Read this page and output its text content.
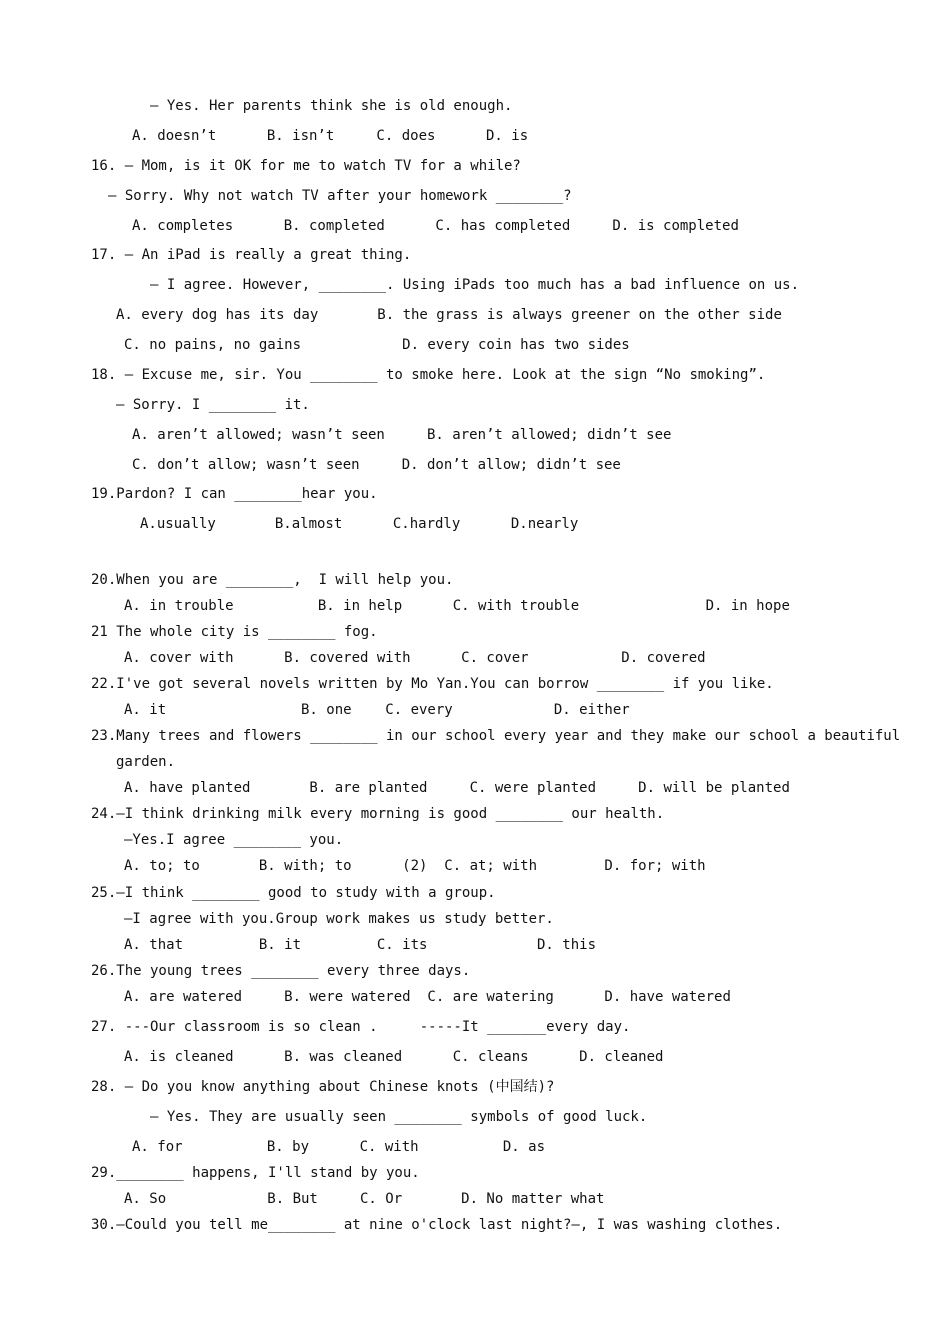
— Yes. Her parents think she is old enough.
A. doesn’t      B. isn’t     C. does      D. is
16. — Mom, is it OK for me to watch TV for a while?
— Sorry. Why not watch TV after your homework ________?
A. completes      B. completed      C. has completed     D. is completed
17. — An iPad is really a great thing.
— I agree. However, ________. Using iPads too much has a bad influence on us.
A. every dog has its day       B. the grass is always greener on the other side
C. no pains, no gains            D. every coin has two sides
18. — Excuse me, sir. You ________ to smoke here. Look at the sign “No smoking”.
— Sorry. I ________ it.
A. aren’t allowed; wasn’t seen     B. aren’t allowed; didn’t see
C. don’t allow; wasn’t seen     D. don’t allow; didn’t see
19.Pardon? I can ________hear you.
A.usually       B.almost      C.hardly      D.nearly
20.When you are ________,  I will help you.
A. in trouble          B. in help      C. with trouble               D. in hope
21 The whole city is ________ fog.
A. cover with      B. covered with      C. cover           D. covered
22.I've got several novels written by Mo Yan.You can borrow ________ if you like.
A. it                B. one    C. every            D. either
23.Many trees and flowers ________ in our school every year and they make our school a beautiful
garden.
A. have planted       B. are planted     C. were planted     D. will be planted
24.—I think drinking milk every morning is good ________ our health.
—Yes.I agree ________ you.
A. to; to       B. with; to      (2)  C. at; with        D. for; with
25.—I think ________ good to study with a group.
—I agree with you.Group work makes us study better.
A. that         B. it         C. its             D. this
26.The young trees ________ every three days.
A. are watered     B. were watered  C. are watering      D. have watered
27. ---Our classroom is so clean .     -----It _______every day.
A. is cleaned      B. was cleaned      C. cleans      D. cleaned
28. — Do you know anything about Chinese knots (中国结)?
— Yes. They are usually seen ________ symbols of good luck.
A. for          B. by      C. with          D. as
29.________ happens, I'll stand by you.
A. So            B. But     C. Or       D. No matter what
30.—Could you tell me________ at nine o'clock last night?—, I was washing clothes.
